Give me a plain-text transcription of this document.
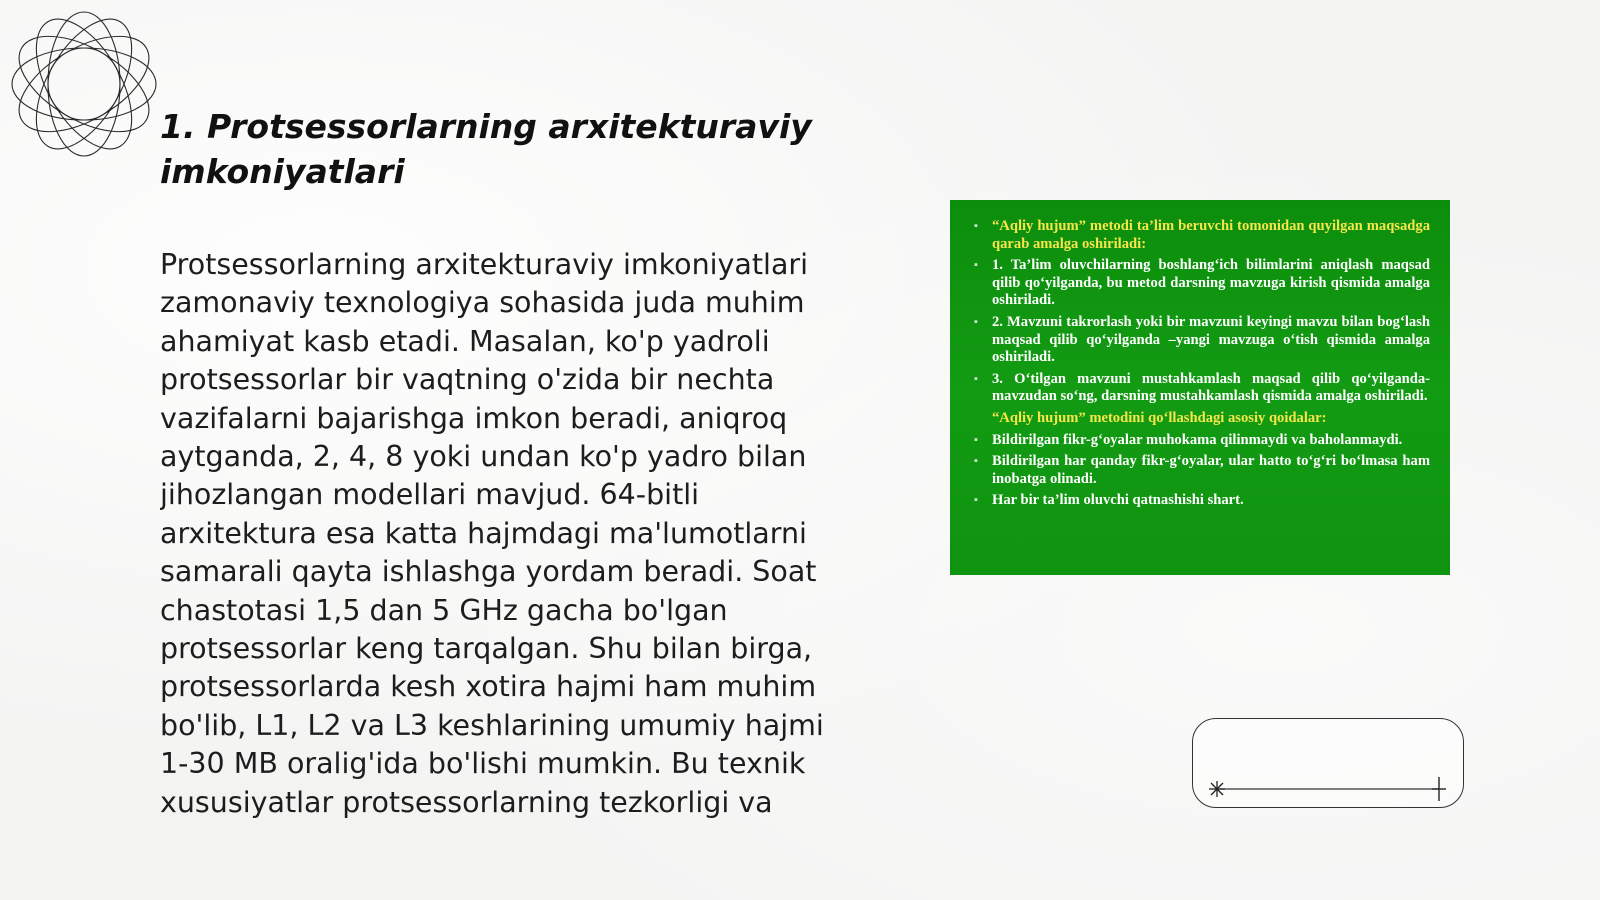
1. Protsessorlarning arxitekturaviy imkoniyatlari

Protsessorlarning arxitekturaviy imkoniyatlari zamonaviy texnologiya sohasida juda muhim ahamiyat kasb etadi. Masalan, ko'p yadroli protsessorlar bir vaqtning o'zida bir nechta vazifalarni bajarishga imkon beradi, aniqroq aytganda, 2, 4, 8 yoki undan ko'p yadro bilan jihozlangan modellari mavjud. 64-bitli arxitektura esa katta hajmdagi ma'lumotlarni samarali qayta ishlashga yordam beradi. Soat chastotasi 1,5 dan 5 GHz gacha bo'lgan protsessorlar keng tarqalgan. Shu bilan birga, protsessorlarda kesh xotira hajmi ham muhim bo'lib, L1, L2 va L3 keshlarining umumiy hajmi 1-30 MB oralig'ida bo'lishi mumkin. Bu texnik xususiyatlar protsessorlarning tezkorligi va

▪ “Aqliy hujum” metodi ta’lim beruvchi tomonidan quyilgan maqsadga qarab amalga oshiriladi:
▪ 1. Ta’lim oluvchilarning boshlang‘ich bilimlarini aniqlash maqsad qilib qo‘yilganda, bu metod darsning mavzuga kirish qismida amalga oshiriladi.
▪ 2. Mavzuni takrorlash yoki bir mavzuni keyingi mavzu bilan bog‘lash maqsad qilib qo‘yilganda –yangi mavzuga o‘tish qismida amalga oshiriladi.
▪ 3. O‘tilgan mavzuni mustahkamlash maqsad qilib qo‘yilganda-mavzudan so‘ng, darsning mustahkamlash qismida amalga oshiriladi.
“Aqliy hujum” metodini qo‘llashdagi asosiy qoidalar:
▪ Bildirilgan fikr-g‘oyalar muhokama qilinmaydi va baholanmaydi.
▪ Bildirilgan har qanday fikr-g‘oyalar, ular hatto to‘g‘ri bo‘lmasa ham inobatga olinadi.
▪ Har bir ta’lim oluvchi qatnashishi shart.
